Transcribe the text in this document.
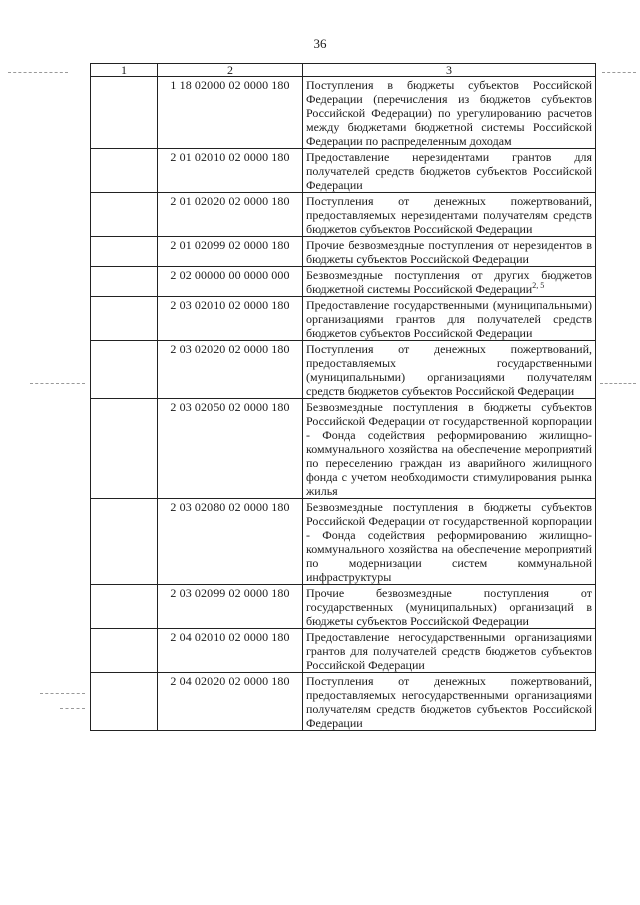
36
1	2	3
	1 18 02000 02 0000 180	Поступления в бюджеты субъектов Российской Федерации (перечисления из бюджетов субъектов Российской Федерации) по урегулированию расчетов между бюджетами бюджетной системы Российской Федерации по распределенным доходам
	2 01 02010 02 0000 180	Предоставление нерезидентами грантов для получателей средств бюджетов субъектов Российской Федерации
	2 01 02020 02 0000 180	Поступления от денежных пожертвований, предоставляемых нерезидентами получателям средств бюджетов субъектов Российской Федерации
	2 01 02099 02 0000 180	Прочие безвозмездные поступления от нерезидентов в бюджеты субъектов Российской Федерации
	2 02 00000 00 0000 000	Безвозмездные поступления от других бюджетов бюджетной системы Российской Федерации$^{2, 5}$
	2 03 02010 02 0000 180	Предоставление государственными (муниципальными) организациями грантов для получателей средств бюджетов субъектов Российской Федерации
	2 03 02020 02 0000 180	Поступления от денежных пожертвований, предоставляемых государственными (муниципальными) организациями получателям средств бюджетов субъектов Российской Федерации
	2 03 02050 02 0000 180	Безвозмездные поступления в бюджеты субъектов Российской Федерации от государственной корпорации - Фонда содействия реформированию жилищно-коммунального хозяйства на обеспечение мероприятий по переселению граждан из аварийного жилищного фонда с учетом необходимости стимулирования рынка жилья
	2 03 02080 02 0000 180	Безвозмездные поступления в бюджеты субъектов Российской Федерации от государственной корпорации - Фонда содействия реформированию жилищно-коммунального хозяйства на обеспечение мероприятий по модернизации систем коммунальной инфраструктуры
	2 03 02099 02 0000 180	Прочие безвозмездные поступления от государственных (муниципальных) организаций в бюджеты субъектов Российской Федерации
	2 04 02010 02 0000 180	Предоставление негосударственными организациями грантов для получателей средств бюджетов субъектов Российской Федерации
	2 04 02020 02 0000 180	Поступления от денежных пожертвований, предоставляемых негосударственными организациями получателям средств бюджетов субъектов Российской Федерации
